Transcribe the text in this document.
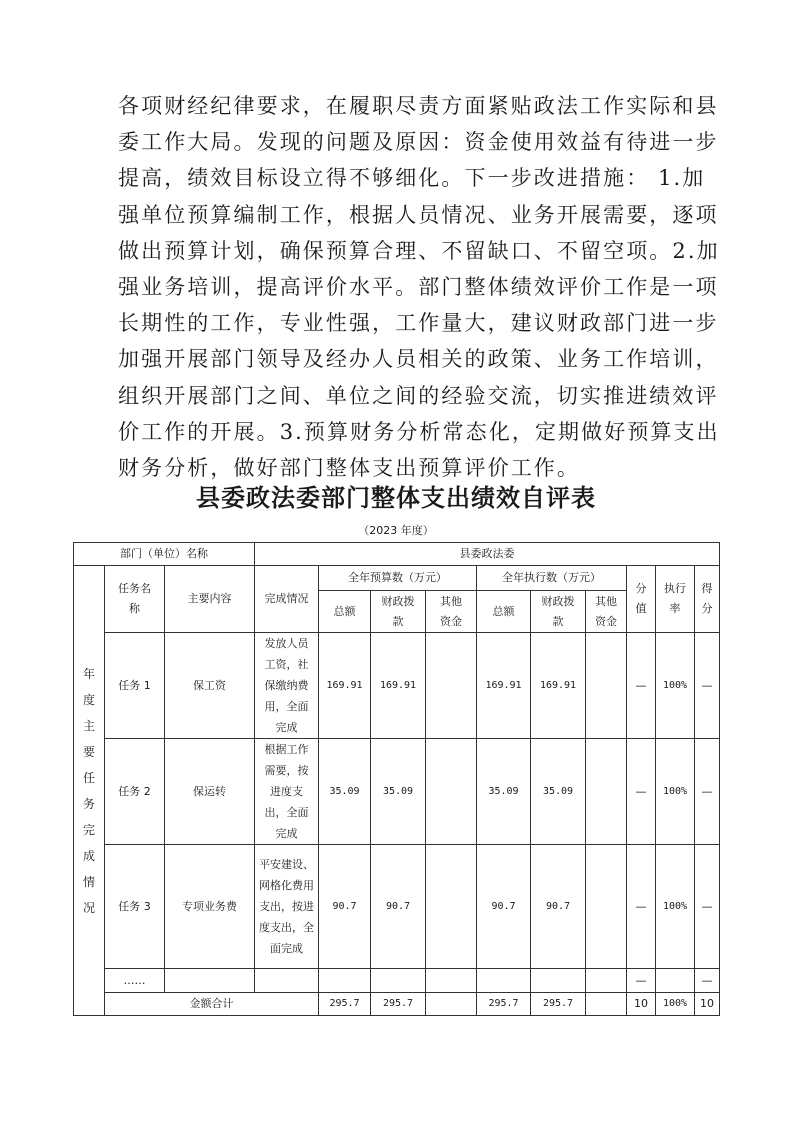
各项财经纪律要求，在履职尽责方面紧贴政法工作实际和县
委工作大局。发现的问题及原因：资金使用效益有待进一步
提高，绩效目标设立得不够细化。下一步改进措施： 1.加
强单位预算编制工作，根据人员情况、业务开展需要，逐项
做出预算计划，确保预算合理、不留缺口、不留空项。2.加
强业务培训，提高评价水平。部门整体绩效评价工作是一项
长期性的工作，专业性强，工作量大，建议财政部门进一步
加强开展部门领导及经办人员相关的政策、业务工作培训，
组织开展部门之间、单位之间的经验交流，切实推进绩效评
价工作的开展。3.预算财务分析常态化，定期做好预算支出
财务分析，做好部门整体支出预算评价工作。
县委政法委部门整体支出绩效自评表
（2023 年度）
部门（单位）名称			县委政法委									

年度主要任务完成情况	任务名称	主要内容	完成情况	全年预算数（万元）			全年执行数（万元）			分值	执行率	得分

				总额	财政拨款	其他资金	总额	财政拨款	其他资金			

	任务 1	保工资	发放人员工资，社保缴纳费用，全面完成	169.91	169.91		169.91	169.91		—	100%	—
	任务 2	保运转	根据工作需要，按进度支出，全面完成	35.09	35.09		35.09	35.09		—	100%	—
	任务 3	专项业务费	平安建设、网格化费用支出，按进度支出，全面完成	90.7	90.7		90.7	90.7		—	100%	—
	……									—		—
	金额合计			295.7	295.7		295.7	295.7		10	100%	10
